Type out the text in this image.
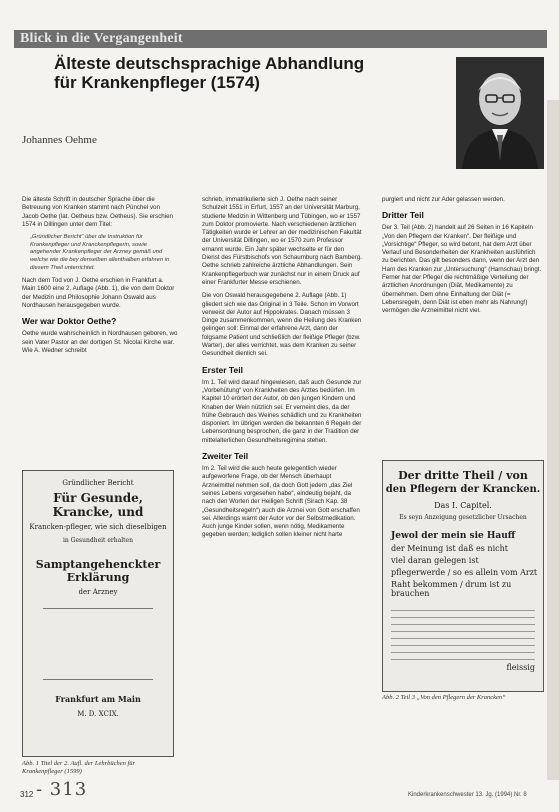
Blick in die Vergangenheit
Älteste deutschsprachige Abhandlung für Krankenpfleger (1574)
Johannes Oehme

Die älteste Schrift in deutscher Sprache über die Betreuung von Kranken stammt nach Pünchel von Jacob Oethe (lat. Oetheus bzw. Oetheus). Sie erschien 1574 in Dillingen unter dem Titel:

„Gründlicher Bericht“ über die Instruktion für Krankenpfleger und Kranckenpflegerin, sowie angehender Krankenpfleger der Arzney gemäß und welche wie die bey denselben allenthalben erfahren in diesem Theil unterrichtet.

Nach dem Tod von J. Oethe erschien in Frankfurt a. Main 1600 eine 2. Auflage (Abb. 1), die von dem Doktor der Medizin und Philosophie Johann Oswald aus Nordhausen herausgegeben wurde.

Wer war Doktor Oethe?

Oethe wurde wahrscheinlich in Nordhausen geboren, wo sein Vater Pastor an der dortigen St. Nicolai Kirche war. Wie A. Wedner schreibt

Gründlicher Bericht
Für Gesunde, Krancke, und
Krancken-pfleger, wie sich dieselbigen
in Gesundheit erhalten
Samptangehenckter Erklärung
der Arzney
Frankfurt am Main
M. D. XCIX.
Abb. 1 Titel der 2. Aufl. der Lehrbüchen für Krankenpfleger (1599)

schrieb, immatrikulierte sich J. Oethe nach seiner Schulzeit 1551 in Erfurt, 1557 an der Universität Marburg, studierte Medizin in Wittenberg und Tübingen, wo er 1557 zum Doktor promovierte. Nach verschiedenen ärztlichen Tätigkeiten wurde er Lehrer an der medizinischen Fakultät der Universität Dillingen, wo er 1570 zum Professor ernannt wurde. Ein Jahr später wechselte er für den Dienst des Fürstbischofs von Schaumburg nach Bamberg. Oethe schrieb zahlreiche ärztliche Abhandlungen. Sein Krankenpflegerbuch war zunächst nur in einem Druck auf einer Frankfurter Messe erschienen.

Die von Oswald herausgegebene 2. Auflage (Abb. 1) gliedert sich wie das Original in 3 Teile. Schon im Vorwort verweist der Autor auf Hippokrates. Danach müssen 3 Dinge zusammenkommen, wenn die Heilung des Kranken gelingen soll: Einmal der erfahrene Arzt, dann der folgsame Patient und schließlich der fleißige Pfleger (bzw. Warter), der alles verrichtet, was dem Kranken zu seiner Gesundheit dienlich sei.

Erster Teil

Im 1. Teil wird darauf hingewiesen, daß auch Gesunde zur „Vorbehütung“ von Krankheiten des Arztes bedürfen. Im Kapitel 10 erörtert der Autor, ob den jungen Kindern und Knaben der Wein nützlich sei. Er verneint dies, da der frühe Gebrauch des Weines schädlich und zu Krankheiten disponiert. Im übrigen werden die bekannten 6 Regeln der Lebensordnung besprochen, die ganz in der Tradition der mittelalterlichen Gesundheitsregimina stehen.

Zweiter Teil

Im 2. Teil wird die auch heute gelegentlich wieder aufgeworfene Frage, ob der Mensch überhaupt Arzneimittel nehmen soll, da doch Gott jedem „das Ziel seines Lebens vorgesehen habe“, eindeutig bejaht, da nach den Worten der Heiligen Schrift (Sirach Kap. 38 „Gesundheitsregeln“) auch die Arznei von Gott erschaffen sei. Allerdings warnt der Autor vor der Selbstmedikation. Auch junge Kinder sollen, wenn nötig, Medikamente gegeben werden; lediglich sollen kleiner nicht harte

purgiert und nicht zur Ader gelassen werden.

Dritter Teil

Der 3. Teil (Abb. 2) handelt auf 26 Seiten in 16 Kapiteln „Von den Pflegern der Kranken“. Der fleißige und „Vorsichtige“ Pfleger, so wird betont, hat dem Arzt über Verlauf und Besonderheiten der Krankheiten ausführlich zu berichten. Das gilt besonders dann, wenn der Arzt den Harn des Kranken zur „Untersuchung“ (Harnschau) bringt. Ferner hat der Pfleger die rechtmäßige Verteilung der ärztlichen Anordnungen (Diät, Medikamente) zu übernehmen. Dem ohne Einhaltung der Diät (= Lebensregeln, denn Diät ist eben mehr als Nahrung!) vermögen die Arzneimittel nicht viel.

Der dritte Theil / von
den Pflegern der Krancken.
Das I. Capitel.
Es seyn Anzeigung gesetzlicher Ursachen
Jewol der mein sie Hauff
der Meinung ist daß es nicht
viel daran gelegen ist
pflegerwerde / so es allein vom Arzt
Raht bekommen / drum ist zu brauchen
fleissig
Abb. 2 Teil 3 „Von den Pflegern der Krancken“
312 - 313	Kinderkrankenschwester 13. Jg. (1994) Nr. 8
